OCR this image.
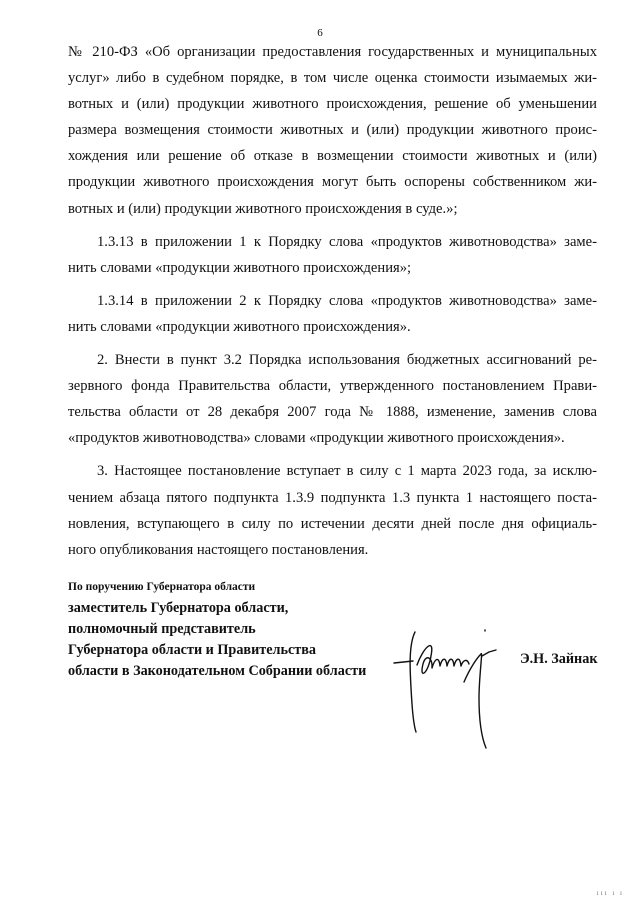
6

№ 210-ФЗ «Об организации предоставления государственных и муниципальных

услуг» либо в судебном порядке, в том числе оценка стоимости изымаемых жи-

вотных и (или) продукции животного происхождения, решение об уменьшении

размера возмещения стоимости животных и (или) продукции животного проис-

хождения или решение об отказе в возмещении стоимости животных и (или)

продукции животного происхождения могут быть оспорены собственником жи-

вотных и (или) продукции животного происхождения в суде.»;

1.3.13 в приложении 1 к Порядку слова «продуктов животноводства» заме-

нить словами «продукции животного происхождения»;

1.3.14 в приложении 2 к Порядку слова «продуктов животноводства» заме-

нить словами «продукции животного происхождения».

2. Внести в пункт 3.2 Порядка использования бюджетных ассигнований ре-

зервного фонда Правительства области, утвержденного постановлением Прави-

тельства области от 28 декабря 2007 года № 1888, изменение, заменив слова

«продуктов животноводства» словами «продукции животного происхождения».

3. Настоящее постановление вступает в силу с 1 марта 2023 года, за исклю-

чением абзаца пятого подпункта 1.3.9 подпункта 1.3 пункта 1 настоящего поста-

новления, вступающего в силу по истечении десяти дней после дня официаль-

ного опубликования настоящего постановления.

По поручению Губернатора области
заместитель Губернатора области,
полномочный представитель
Губернатора области и Правительства
области в Законодательном Собрании области
Э.Н. Зайнак
ııı ı ı
